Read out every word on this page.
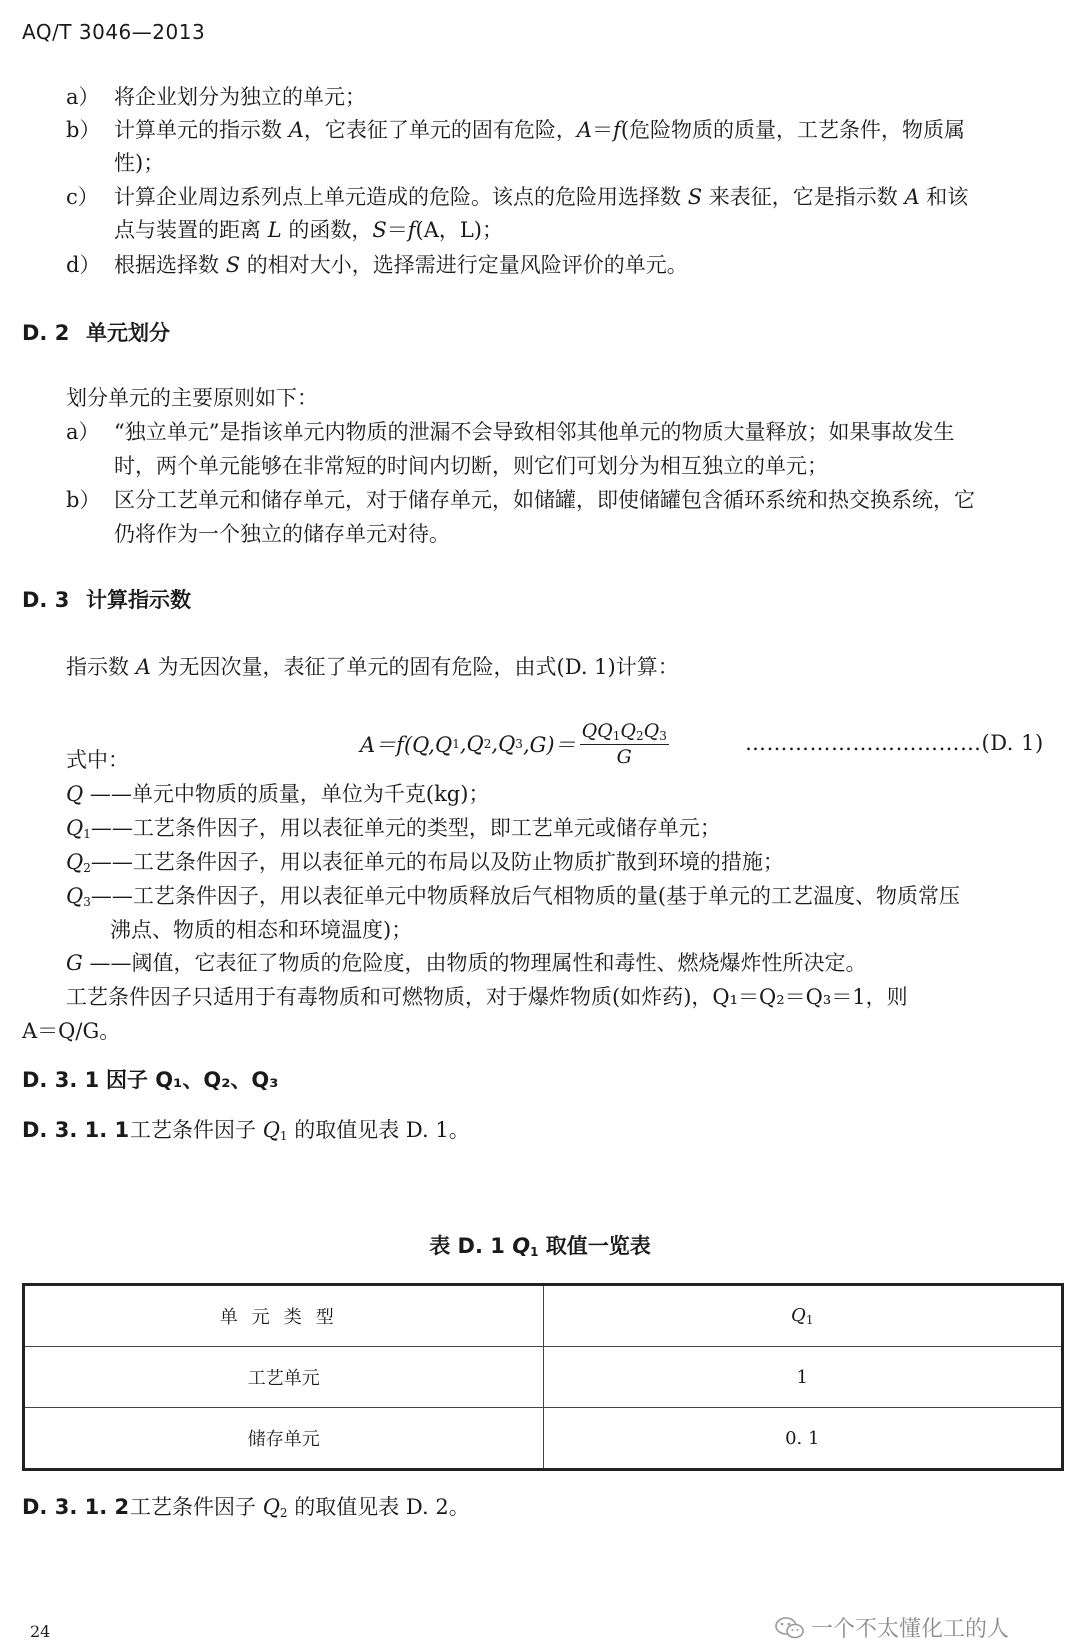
AQ/T 3046—2013
a） 将企业划分为独立的单元；
b） 计算单元的指示数 A，它表征了单元的固有危险，A＝f(危险物质的质量，工艺条件，物质属
性)；
c） 计算企业周边系列点上单元造成的危险。该点的危险用选择数 S 来表征，它是指示数 A 和该
点与装置的距离 L 的函数，S＝f(A，L)；
d） 根据选择数 S 的相对大小，选择需进行定量风险评价的单元。
D. 2 单元划分
划分单元的主要原则如下：
a） “独立单元”是指该单元内物质的泄漏不会导致相邻其他单元的物质大量释放；如果事故发生
时，两个单元能够在非常短的时间内切断，则它们可划分为相互独立的单元；
b） 区分工艺单元和储存单元，对于储存单元，如储罐，即使储罐包含循环系统和热交换系统，它
仍将作为一个独立的储存单元对待。
D. 3 计算指示数
指示数 A 为无因次量，表征了单元的固有危险，由式(D. 1)计算：
A＝f(Q,Q 1 ,Q 2 ,Q 3 $,G)= \frac{QQ_1Q_2Q_3}{G}$	……………………………(D. 1)
式中：
Q ——单元中物质的质量，单位为千克(kg)；
$Q_1——$工艺条件因子，用以表征单元的类型，即工艺单元或储存单元；
$Q_2——$工艺条件因子，用以表征单元的布局以及防止物质扩散到环境的措施；
$Q_3——$工艺条件因子，用以表征单元中物质释放后气相物质的量(基于单元的工艺温度、物质常压
沸点、物质的相态和环境温度)；
G ——阈值，它表征了物质的危险度，由物质的物理属性和毒性、燃烧爆炸性所决定。
工艺条件因子只适用于有毒物质和可燃物质，对于爆炸物质(如炸药)，Q₁＝Q₂＝Q₃＝1，则
A＝Q/G。
D. 3. 1 因子 Q₁、Q₂、Q₃
D. 3. 1. 1工艺条件因子 $Q_1$ 的取值见表 D. 1。
表 D. 1 $Q_1$ 取值一览表
单元类型	$Q_1$
工艺单元	1
储存单元	0. 1
D. 3. 1. 2工艺条件因子 $Q_2$ 的取值见表 D. 2。
24	一个不太懂化工的人
